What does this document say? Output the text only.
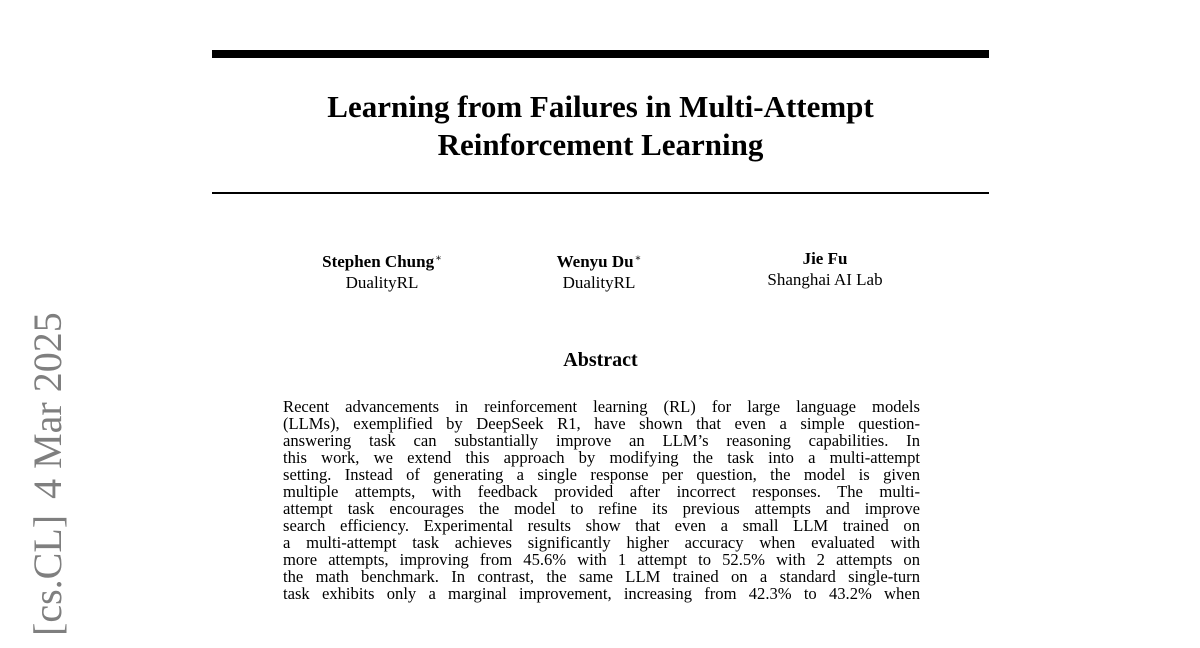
Learning from Failures in Multi-Attempt
Reinforcement Learning
Stephen Chung∗
DualityRL
Wenyu Du∗
DualityRL
Jie Fu
Shanghai AI Lab
Abstract
Recent advancements in reinforcement learning (RL) for large language models
(LLMs), exemplified by DeepSeek R1, have shown that even a simple question-
answering task can substantially improve an LLM’s reasoning capabilities. In
this work, we extend this approach by modifying the task into a multi-attempt
setting. Instead of generating a single response per question, the model is given
multiple attempts, with feedback provided after incorrect responses. The multi-
attempt task encourages the model to refine its previous attempts and improve
search efficiency. Experimental results show that even a small LLM trained on
a multi-attempt task achieves significantly higher accuracy when evaluated with
more attempts, improving from 45.6% with 1 attempt to 52.5% with 2 attempts on
the math benchmark. In contrast, the same LLM trained on a standard single-turn
task exhibits only a marginal improvement, increasing from 42.3% to 43.2% when
[cs.CL]4 Mar 2025
